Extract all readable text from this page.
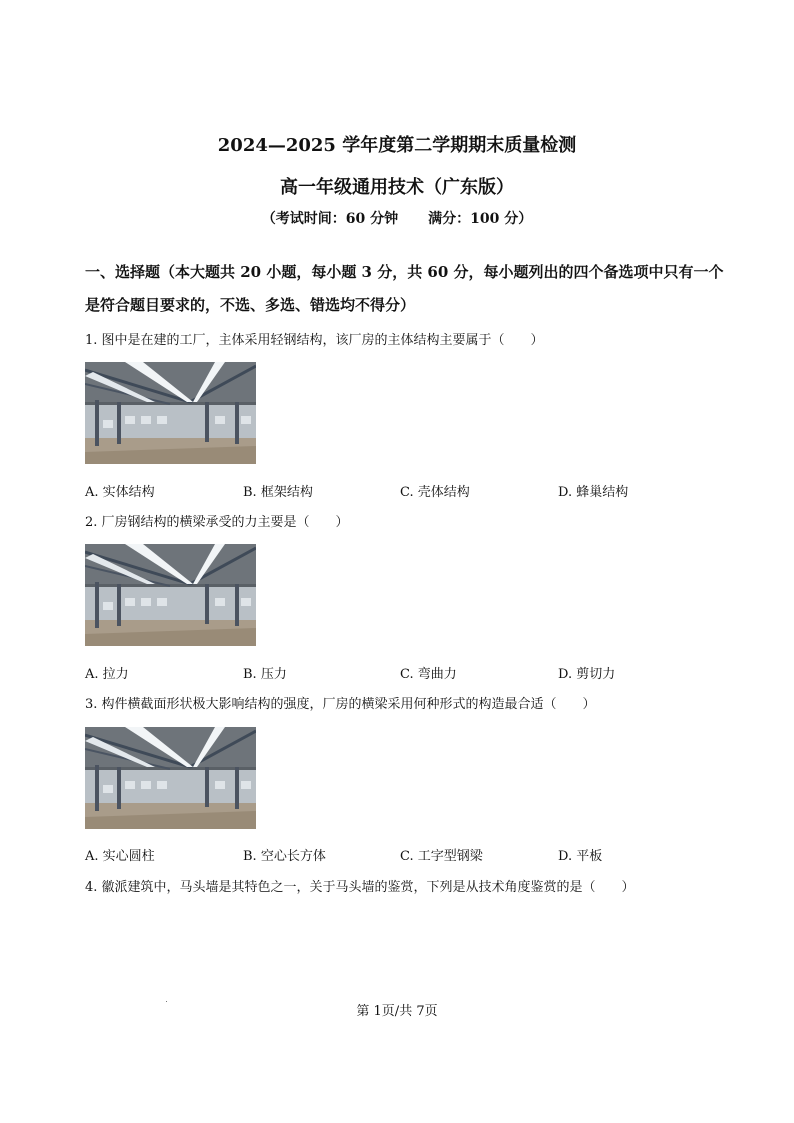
2024—2025 学年度第二学期期末质量检测
高一年级通用技术（广东版）
（考试时间：60 分钟 满分：100 分）
一、选择题（本大题共 20 小题，每小题 3 分，共 60 分，每小题列出的四个备选项中只有一个是符合题目要求的，不选、多选、错选均不得分）
1. 图中是在建的工厂，主体采用轻钢结构，该厂房的主体结构主要属于（　　）
A. 实体结构	B. 框架结构	C. 壳体结构	D. 蜂巢结构
2. 厂房钢结构的横梁承受的力主要是（　　）
A. 拉力	B. 压力	C. 弯曲力	D. 剪切力
3. 构件横截面形状极大影响结构的强度，厂房的横梁采用何种形式的构造最合适（　　）
A. 实心圆柱	B. 空心长方体	C. 工字型钢梁	D. 平板
4. 徽派建筑中，马头墙是其特色之一，关于马头墙的鉴赏，下列是从技术角度鉴赏的是（　　）
第 1页/共 7页
